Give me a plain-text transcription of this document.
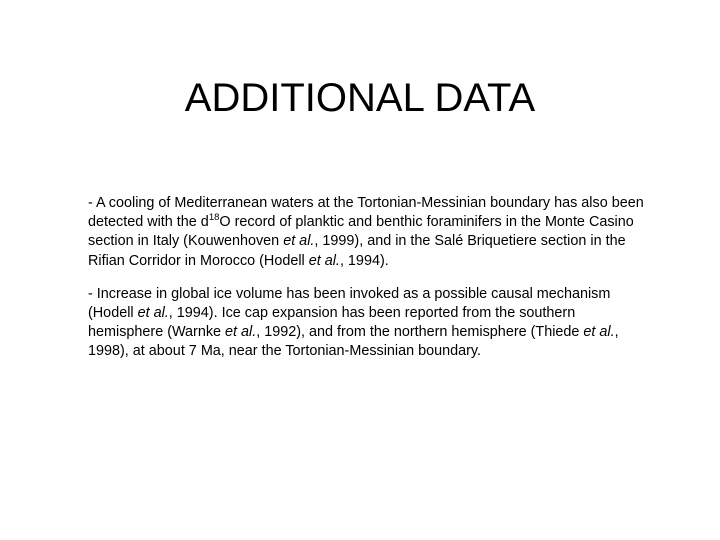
ADDITIONAL DATA

- A cooling of Mediterranean waters at the Tortonian-Messinian boundary has also been detected with the $d^{18}O$ record of planktic and benthic foraminifers in the Monte Casino section in Italy (Kouwenhoven et al., 1999), and in the Salé Briquetiere section in the Rifian Corridor in Morocco (Hodell et al., 1994).

- Increase in global ice volume has been invoked as a possible causal mechanism (Hodell et al., 1994). Ice cap expansion has been reported from the southern hemisphere (Warnke et al., 1992), and from the northern hemisphere (Thiede et al., 1998), at about 7 Ma, near the Tortonian-Messinian boundary.
